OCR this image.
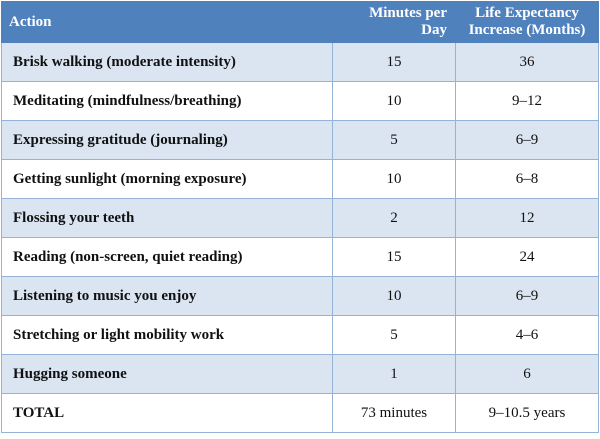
Action	Minutes per Day	Life Expectancy Increase (Months)
Brisk walking (moderate intensity)	15	36
Meditating (mindfulness/breathing)	10	9–12
Expressing gratitude (journaling)	5	6–9
Getting sunlight (morning exposure)	10	6–8
Flossing your teeth	2	12
Reading (non-screen, quiet reading)	15	24
Listening to music you enjoy	10	6–9
Stretching or light mobility work	5	4–6
Hugging someone	1	6
TOTAL	73 minutes	9–10.5 years
